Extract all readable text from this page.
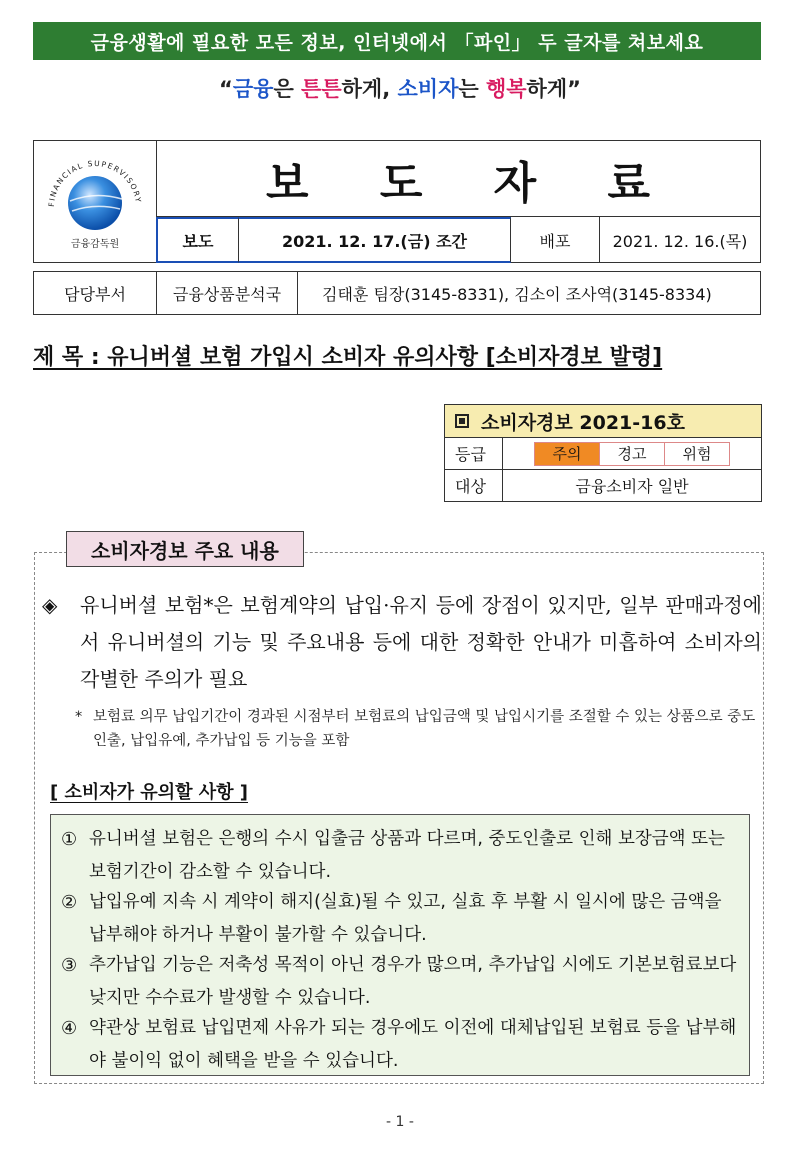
금융생활에 필요한 모든 정보, 인터넷에서 「파인」 두 글자를 쳐보세요
“금융은 튼튼하게, 소비자는 행복하게”
FINANCIAL SUPERVISORY
금융감독원
보 도 자 료
보도	2021. 12. 17.(금) 조간	배포	2021. 12. 16.(목)
담당부서	금융상품분석국	김태훈 팀장(3145-8331), 김소이 조사역(3145-8334)
제 목 : 유니버셜 보험 가입시 소비자 유의사항 [소비자경보 발령]
소비자경보 2021-16호
등급	주의	경고	위험
대상	금융소비자 일반
소비자경보 주요 내용
◈ 유니버셜 보험*은 보험계약의 납입·유지 등에 장점이 있지만, 일부 판매과정에서 유니버셜의 기능 및 주요내용 등에 대한 정확한 안내가 미흡하여 소비자의 각별한 주의가 필요
* 보험료 의무 납입기간이 경과된 시점부터 보험료의 납입금액 및 납입시기를 조절할 수 있는 상품으로 중도인출, 납입유예, 추가납입 등 기능을 포함
[ 소비자가 유의할 사항 ]
① 유니버셜 보험은 은행의 수시 입출금 상품과 다르며, 중도인출로 인해 보장금액 또는 보험기간이 감소할 수 있습니다.
② 납입유예 지속 시 계약이 해지(실효)될 수 있고, 실효 후 부활 시 일시에 많은 금액을 납부해야 하거나 부활이 불가할 수 있습니다.
③ 추가납입 기능은 저축성 목적이 아닌 경우가 많으며, 추가납입 시에도 기본보험료보다 낮지만 수수료가 발생할 수 있습니다.
④ 약관상 보험료 납입면제 사유가 되는 경우에도 이전에 대체납입된 보험료 등을 납부해야 불이익 없이 혜택을 받을 수 있습니다.
- 1 -
